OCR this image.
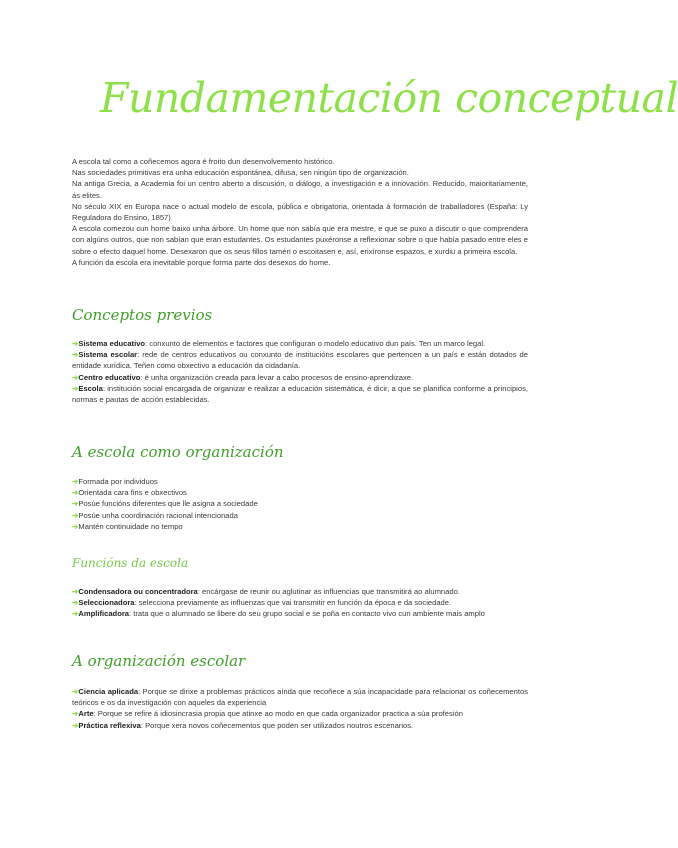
Fundamentación conceptual

A escola tal como a coñecemos agora é froito dun desenvolvemento histórico.

Nas sociedades primitivas era unha educación espontánea, difusa, sen ningún tipo de organización.

Na antiga Grecia, a Academia foi un centro aberto a discusión, o diálogo, a investigación e a innovación. Reducido, maioritariamente, ás elites.

No século XIX en Europa nace o actual modelo de escola, pública e obrigatoria, orientada á formación de traballadores (España: Ly Reguladora do Ensino, 1857)

A escola comezou cun home baixo unha árbore. Un home que non sabía que era mestre, e que se puxo a discutir o que comprendera con algúns outros, que non sabían que eran estudantes. Os estudantes puxéronse a reflexionar sobre o que había pasado entre eles e sobre o efecto daquel home. Desexaron que os seus fillos tamén o escoitasen e, así, erixíronse espazos, e xurdiu a primeira escola.

A función da escola era inevitable porque forma parte dos desexos do home.

Conceptos previos

➔Sistema educativo: conxunto de elementos e factores que configuran o modelo educativo dun país. Ten un marco legal.

➔Sistema escolar: rede de centros educativos ou conxunto de institucións escolares que pertencen a un país e están dotados de entidade xurídica. Teñen como obxectivo a educación da cidadanía.

➔Centro educativo: é unha organización creada para levar a cabo procesos de ensino-aprendizaxe.

➔Escola: institución social encargada de organizar e realizar a educación sistemática, é dicir, a que se planifica conforme a principios, normas e pautas de acción establecidas.

A escola como organización

➔Formada por individuos

➔Orientada cara fins e obxectivos

➔Posúe funcións diferentes que lle asigna a sociedade

➔Posúe unha coordinación racional intencionada

➔Mantén continuidade no tempo

Funcións da escola

➔Condensadora ou concentradora: encárgase de reunir ou aglutinar as influencias que transmitirá ao alumnado.

➔Seleccionadora: selecciona previamente as influenzas que vai transmitir en función da época e da sociedade.

➔Amplificadora: trata que o alumnado se libere do seu grupo social e se poña en contacto vivo cun ambiente mais amplo

A organización escolar

➔Ciencia aplicada: Porque se dirixe a problemas prácticos aínda que recoñece a súa incapacidade para relacionar os coñecementos teóricos e os da investigación con aqueles da experiencia

➔Arte: Porque se refire á idiosincrasia propia que atinxe ao modo en que cada organizador practica a súa profesión

➔Práctica reflexiva: Porque xera novos coñecementos que poden ser utilizados noutros escenarios.
